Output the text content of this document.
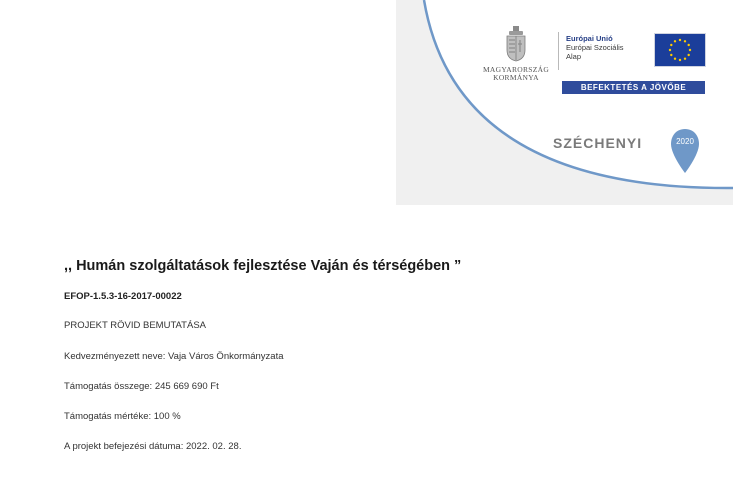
MAGYARORSZÁG
KORMÁNYA
Európai Unió
Európai Szociális
Alap
BEFEKTETÉS A JÖVŐBE
SZÉCHENYI	2020
,, Humán szolgáltatások fejlesztése Vaján és térségében ”
EFOP-1.5.3-16-2017-00022
PROJEKT RÖVID BEMUTATÁSA
Kedvezményezett neve: Vaja Város Önkormányzata
Támogatás összege: 245 669 690 Ft
Támogatás mértéke: 100 %
A projekt befejezési dátuma: 2022. 02. 28.
